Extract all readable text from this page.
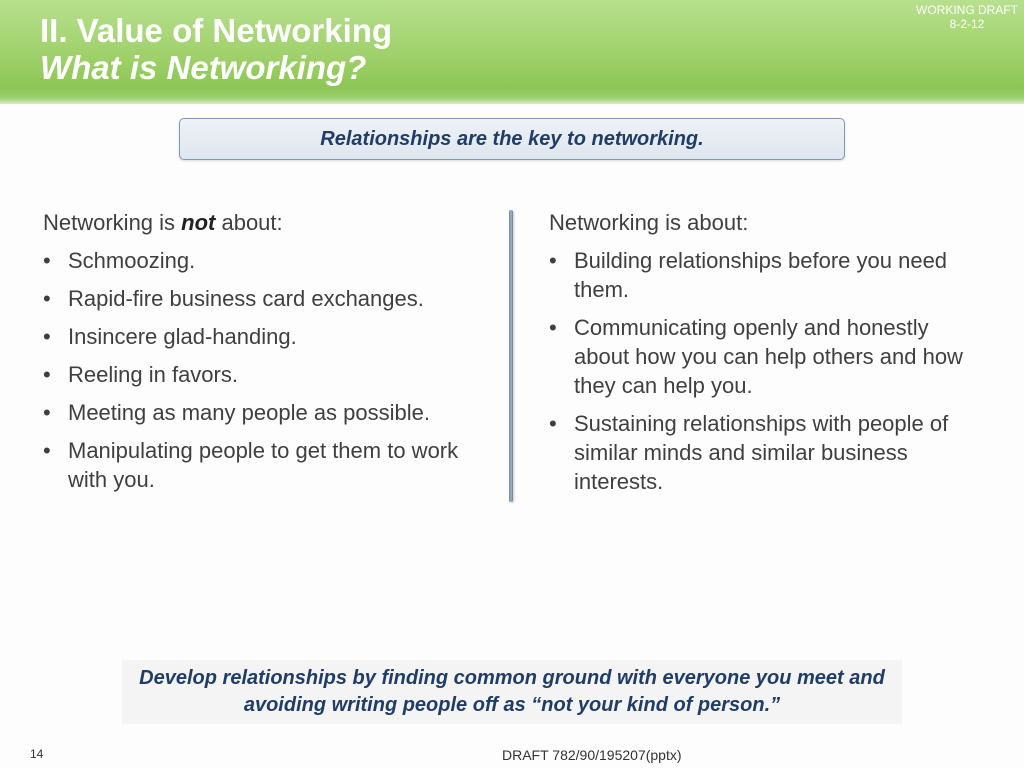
II. Value of Networking
What is Networking?
WORKING DRAFT
8-2-12
Relationships are the key to networking.
Networking is not about:
• Schmoozing.
• Rapid-fire business card exchanges.
• Insincere glad-handing.
• Reeling in favors.
• Meeting as many people as possible.
• Manipulating people to get them to work with you.
Networking is about:
• Building relationships before you need them.
• Communicating openly and honestly about how you can help others and how they can help you.
• Sustaining relationships with people of similar minds and similar business interests.
Develop relationships by finding common ground with everyone you meet and avoiding writing people off as “not your kind of person.”
14	DRAFT 782/90/195207(pptx)
